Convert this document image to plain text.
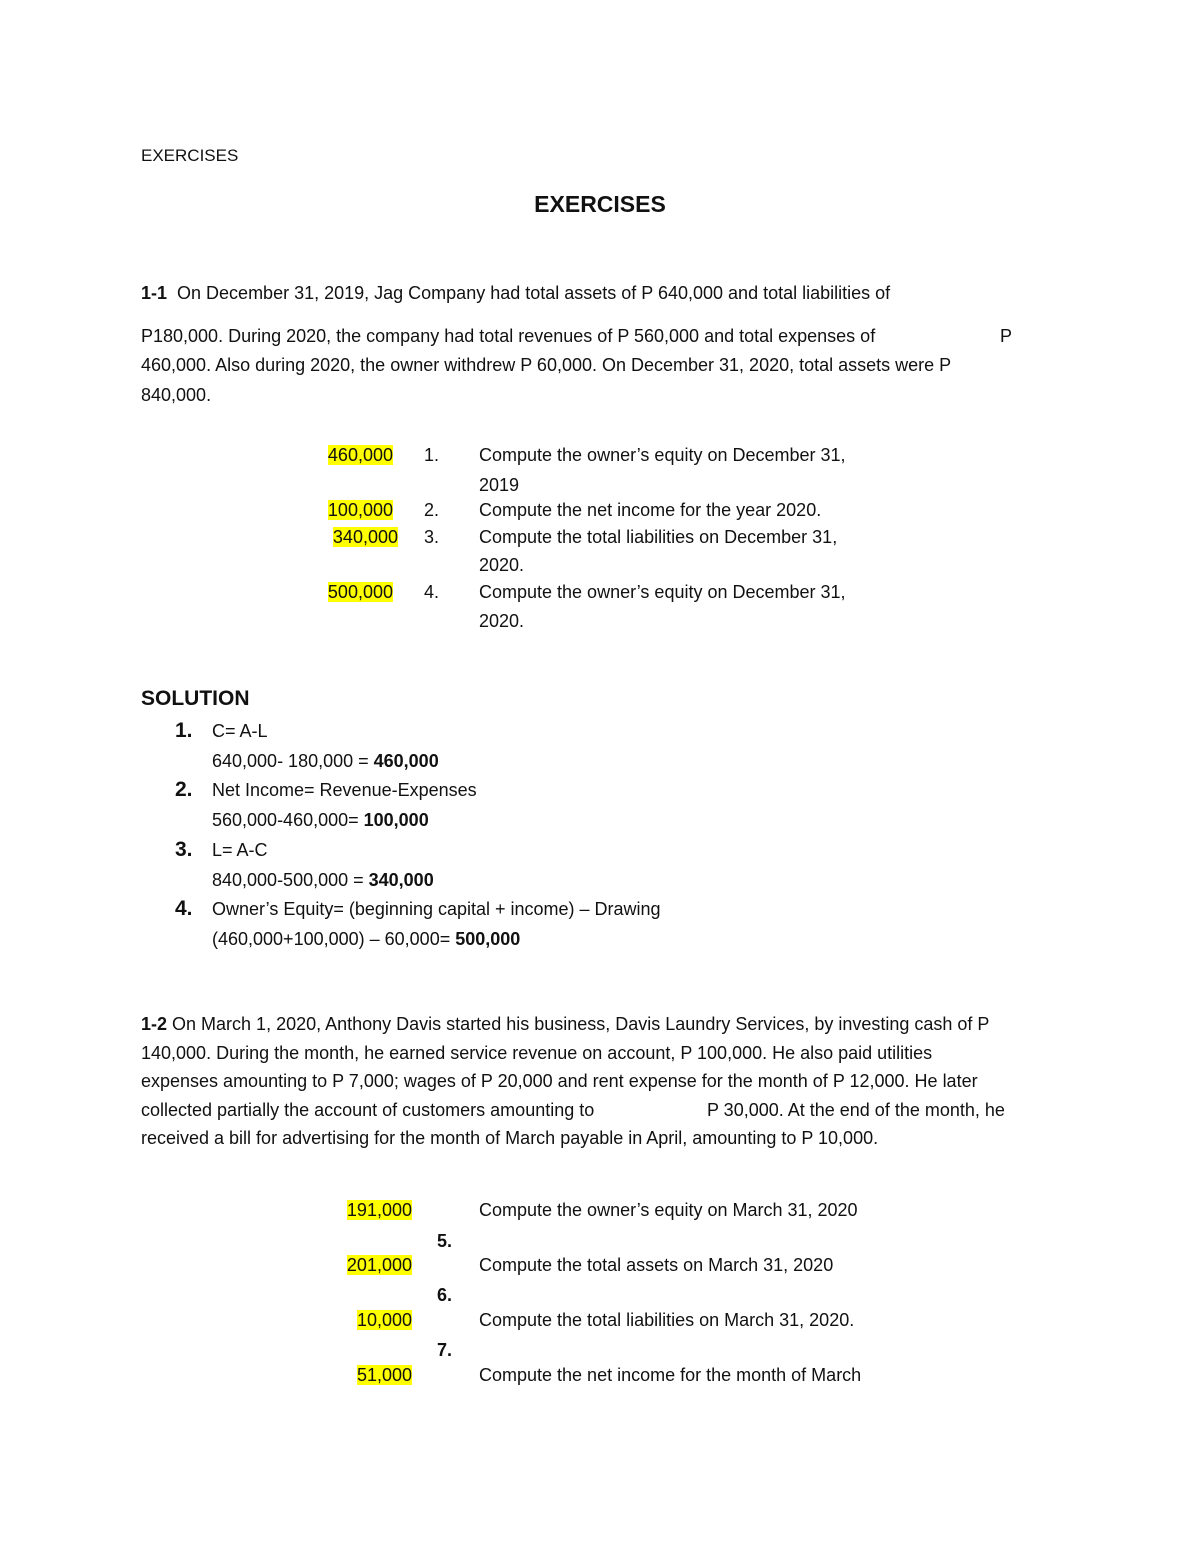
EXERCISES
EXERCISES
1-1 On December 31, 2019, Jag Company had total assets of P 640,000 and total liabilities of
P180,000. During 2020, the company had total revenues of P 560,000 and total expenses of	P
460,000. Also during 2020, the owner withdrew P 60,000. On December 31, 2020, total assets were P
840,000.
460,000 1. Compute the owner’s equity on December 31,
2019
100,000 2. Compute the net income for the year 2020.
340,000 3. Compute the total liabilities on December 31,
2020.
500,000 4. Compute the owner’s equity on December 31,
2020.
SOLUTION
1. C= A-L
640,000- 180,000 = 460,000
2. Net Income= Revenue-Expenses
560,000-460,000= 100,000
3. L= A-C
840,000-500,000 = 340,000
4. Owner’s Equity= (beginning capital + income) – Drawing
(460,000+100,000) – 60,000= 500,000
1-2 On March 1, 2020, Anthony Davis started his business, Davis Laundry Services, by investing cash of P
140,000. During the month, he earned service revenue on account, P 100,000. He also paid utilities
expenses amounting to P 7,000; wages of P 20,000 and rent expense for the month of P 12,000. He later
collected partially the account of customers amounting to	P 30,000. At the end of the month, he
received a bill for advertising for the month of March payable in April, amounting to P 10,000.
191,000	Compute the owner’s equity on March 31, 2020
5.
201,000	Compute the total assets on March 31, 2020
6.
10,000	Compute the total liabilities on March 31, 2020.
7.
51,000	Compute the net income for the month of March
